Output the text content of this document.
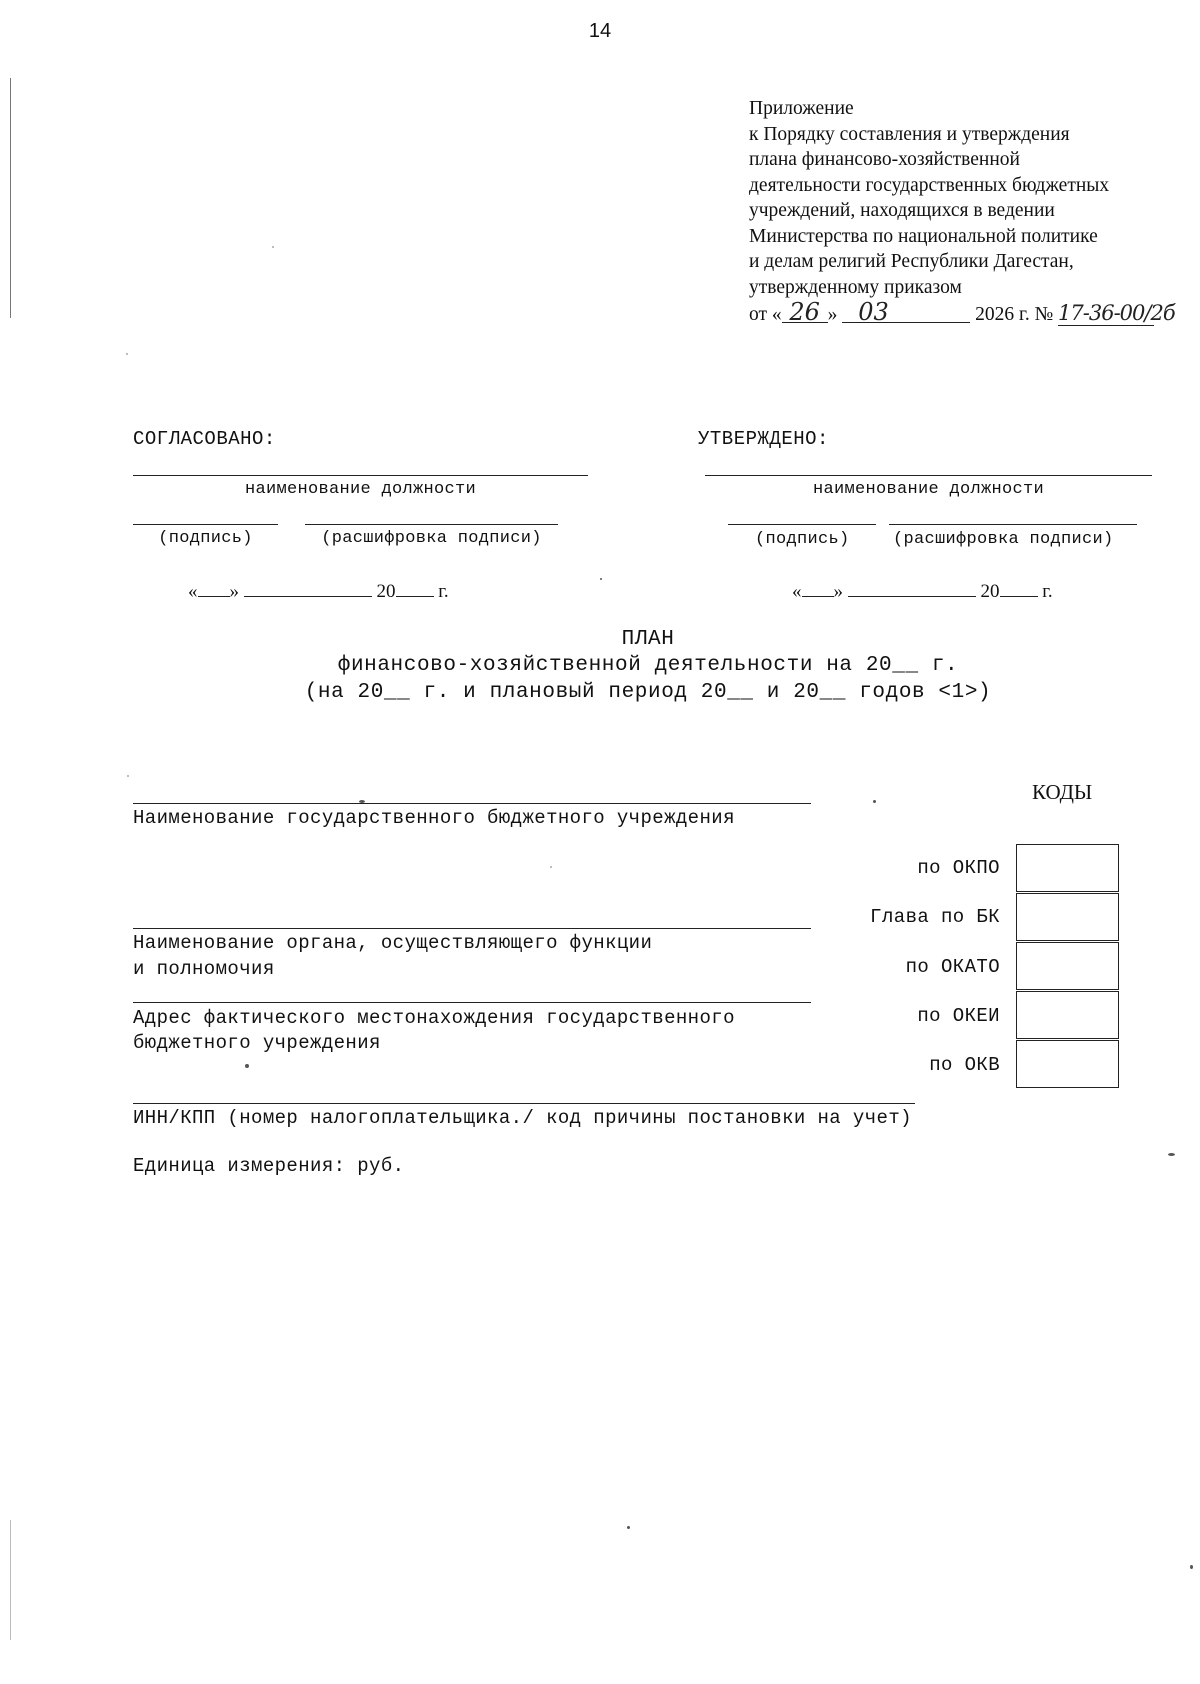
14
Приложение
к Порядку составления и утверждения
плана финансово-хозяйственной
деятельности государственных бюджетных
учреждений, находящихся в ведении
Министерства по национальной политике
и делам религий Республики Дагестан,
утвержденному приказом
от « 26 » 03	2026 г. № 17-36-00/2б
СОГЛАСОВАНО:
наименование должности
(подпись)	(расшифровка подписи)
« »	20 г.
УТВЕРЖДЕНО:
наименование должности
(подпись)	(расшифровка подписи)
« »	20 г.
ПЛАН
финансово-хозяйственной деятельности на 20__ г.
(на 20__ г. и плановый период 20__ и 20__ годов <1>)
КОДЫ
Наименование государственного бюджетного учреждения
Наименование органа, осуществляющего функции
и полномочия
Адрес фактического местонахождения государственного
бюджетного учреждения
ИНН/КПП (номер налогоплательщика./ код причины постановки на учет)
Единица измерения: руб.
по ОКПО
Глава по БК
по ОКАТО
по ОКЕИ
по ОКВ
